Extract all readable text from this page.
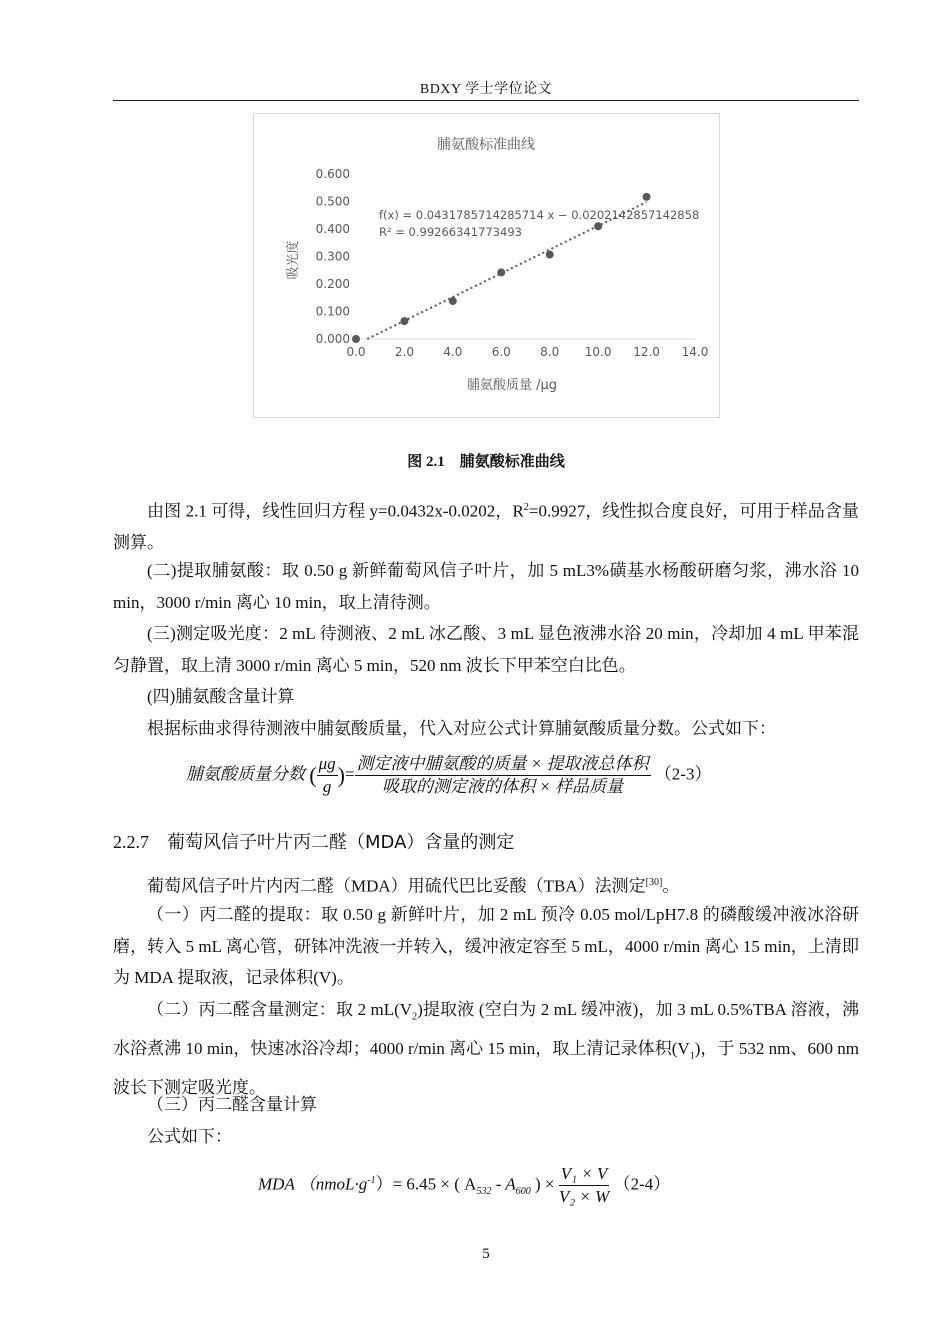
BDXY 学士学位论文
脯氨酸标准曲线
0.000
0.100
0.200
0.300
0.400
0.500
0.600
0.0 2.0 4.0 6.0 8.0 10.0 12.0 14.0
f(x) = 0.0431785714285714 x − 0.0202142857142858
R² = 0.99266341773493
脯氨酸质量 /μg
吸光度
图 2.1　脯氨酸标准曲线
由图 2.1 可得，线性回归方程 y=0.0432x-0.0202，$R^2=0.9927$，线性拟合度良好，可用于样品含量测算。
(二)提取脯氨酸：取 0.50 g 新鲜葡萄风信子叶片，加 5 mL3%磺基水杨酸研磨匀浆，沸水浴 10 min，3000 r/min 离心 10 min，取上清待测。
(三)测定吸光度：2 mL 待测液、2 mL 冰乙酸、3 mL 显色液沸水浴 20 min，冷却加 4 mL 甲苯混匀静置，取上清 3000 r/min 离心 5 min，520 nm 波长下甲苯空白比色。
(四)脯氨酸含量计算
根据标曲求得待测液中脯氨酸质量，代入对应公式计算脯氨酸质量分数。公式如下：
脯氨酸质量分数 ( $\frac{\mu g}{g}$ )= $\frac{\text{测定液中脯氨酸的质量 × 提取液总体积}}{\text{吸取的测定液的体积 × 样品质量}} (2-3)$
2.2.7 葡萄风信子叶片丙二醛（MDA）含量的测定
葡萄风信子叶片内丙二醛（MDA）用硫代巴比妥酸（TBA）法测定[30]。
（一）丙二醛的提取：取 0.50 g 新鲜叶片，加 2 mL 预冷 0.05 mol/LpH7.8 的磷酸缓冲液冰浴研磨，转入 5 mL 离心管，研钵冲洗液一并转入，缓冲液定容至 5 mL，4000 r/min 离心 15 min，上清即为 MDA 提取液，记录体积(V)。
（二）丙二醛含量测定：取 2 $mL(V_2)$提取液 (空白为 2 mL 缓冲液)，加 3 mL 0.5%TBA 溶液，沸水浴煮沸 10 min，快速冰浴冷却；4000 r/min 离心 15 min，取上清记录体积$(V_1)$，于 532 nm、600 nm 波长下测定吸光度。
（三）丙二醛含量计算
公式如下：
MDA $(nmoL\cdot g^{-1})= 6.45$ × ( $A_{532} - A_{600}$ ) × $\frac{\text{V₁ × V}}{\text{V₂ × W}} (2-4)$
5
